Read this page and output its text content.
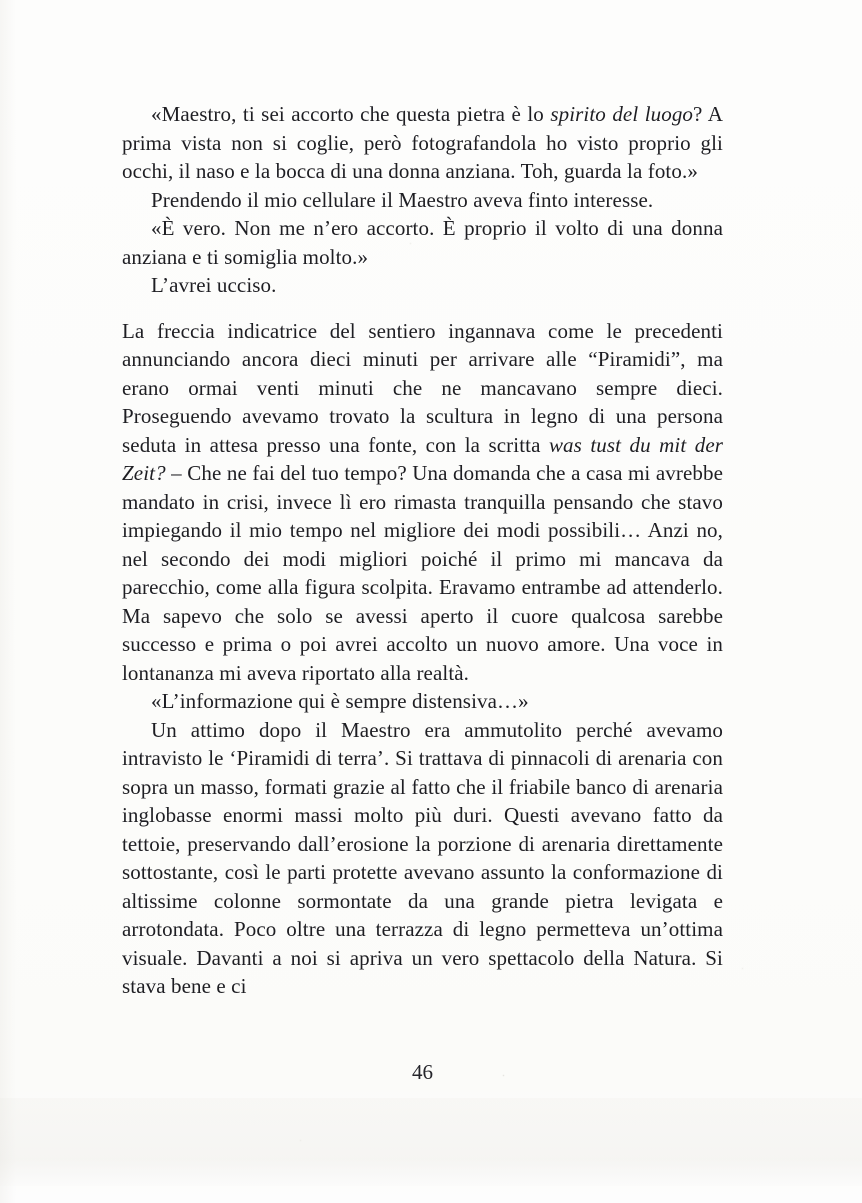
«Maestro, ti sei accorto che questa pietra è lo spirito del luogo? A prima vista non si coglie, però fotografandola ho visto proprio gli occhi, il naso e la bocca di una donna anziana. Toh, guarda la foto.»

Prendendo il mio cellulare il Maestro aveva finto interesse.

«È vero. Non me n’ero accorto. È proprio il volto di una donna anziana e ti somiglia molto.»

L’avrei ucciso.

La freccia indicatrice del sentiero ingannava come le precedenti annunciando ancora dieci minuti per arrivare alle “Piramidi”, ma erano ormai venti minuti che ne mancavano sempre dieci. Proseguendo avevamo trovato la scultura in legno di una persona seduta in attesa presso una fonte, con la scritta was tust du mit der Zeit? – Che ne fai del tuo tempo? Una domanda che a casa mi avrebbe mandato in crisi, invece lì ero rimasta tranquilla pensando che stavo impiegando il mio tempo nel migliore dei modi possibili… Anzi no, nel secondo dei modi migliori poiché il primo mi mancava da parecchio, come alla figura scolpita. Eravamo entrambe ad attenderlo. Ma sapevo che solo se avessi aperto il cuore qualcosa sarebbe successo e prima o poi avrei accolto un nuovo amore. Una voce in lontananza mi aveva riportato alla realtà.

«L’informazione qui è sempre distensiva…»

Un attimo dopo il Maestro era ammutolito perché avevamo intravisto le ‘Piramidi di terra’. Si trattava di pinnacoli di arenaria con sopra un masso, formati grazie al fatto che il friabile banco di arenaria inglobasse enormi massi molto più duri. Questi avevano fatto da tettoie, preservando dall’erosione la porzione di arenaria direttamente sottostante, così le parti protette avevano assunto la conformazione di altissime colonne sormontate da una grande pietra levigata e arrotondata. Poco oltre una terrazza di legno permetteva un’ottima visuale. Davanti a noi si apriva un vero spettacolo della Natura. Si stava bene e ci

46
